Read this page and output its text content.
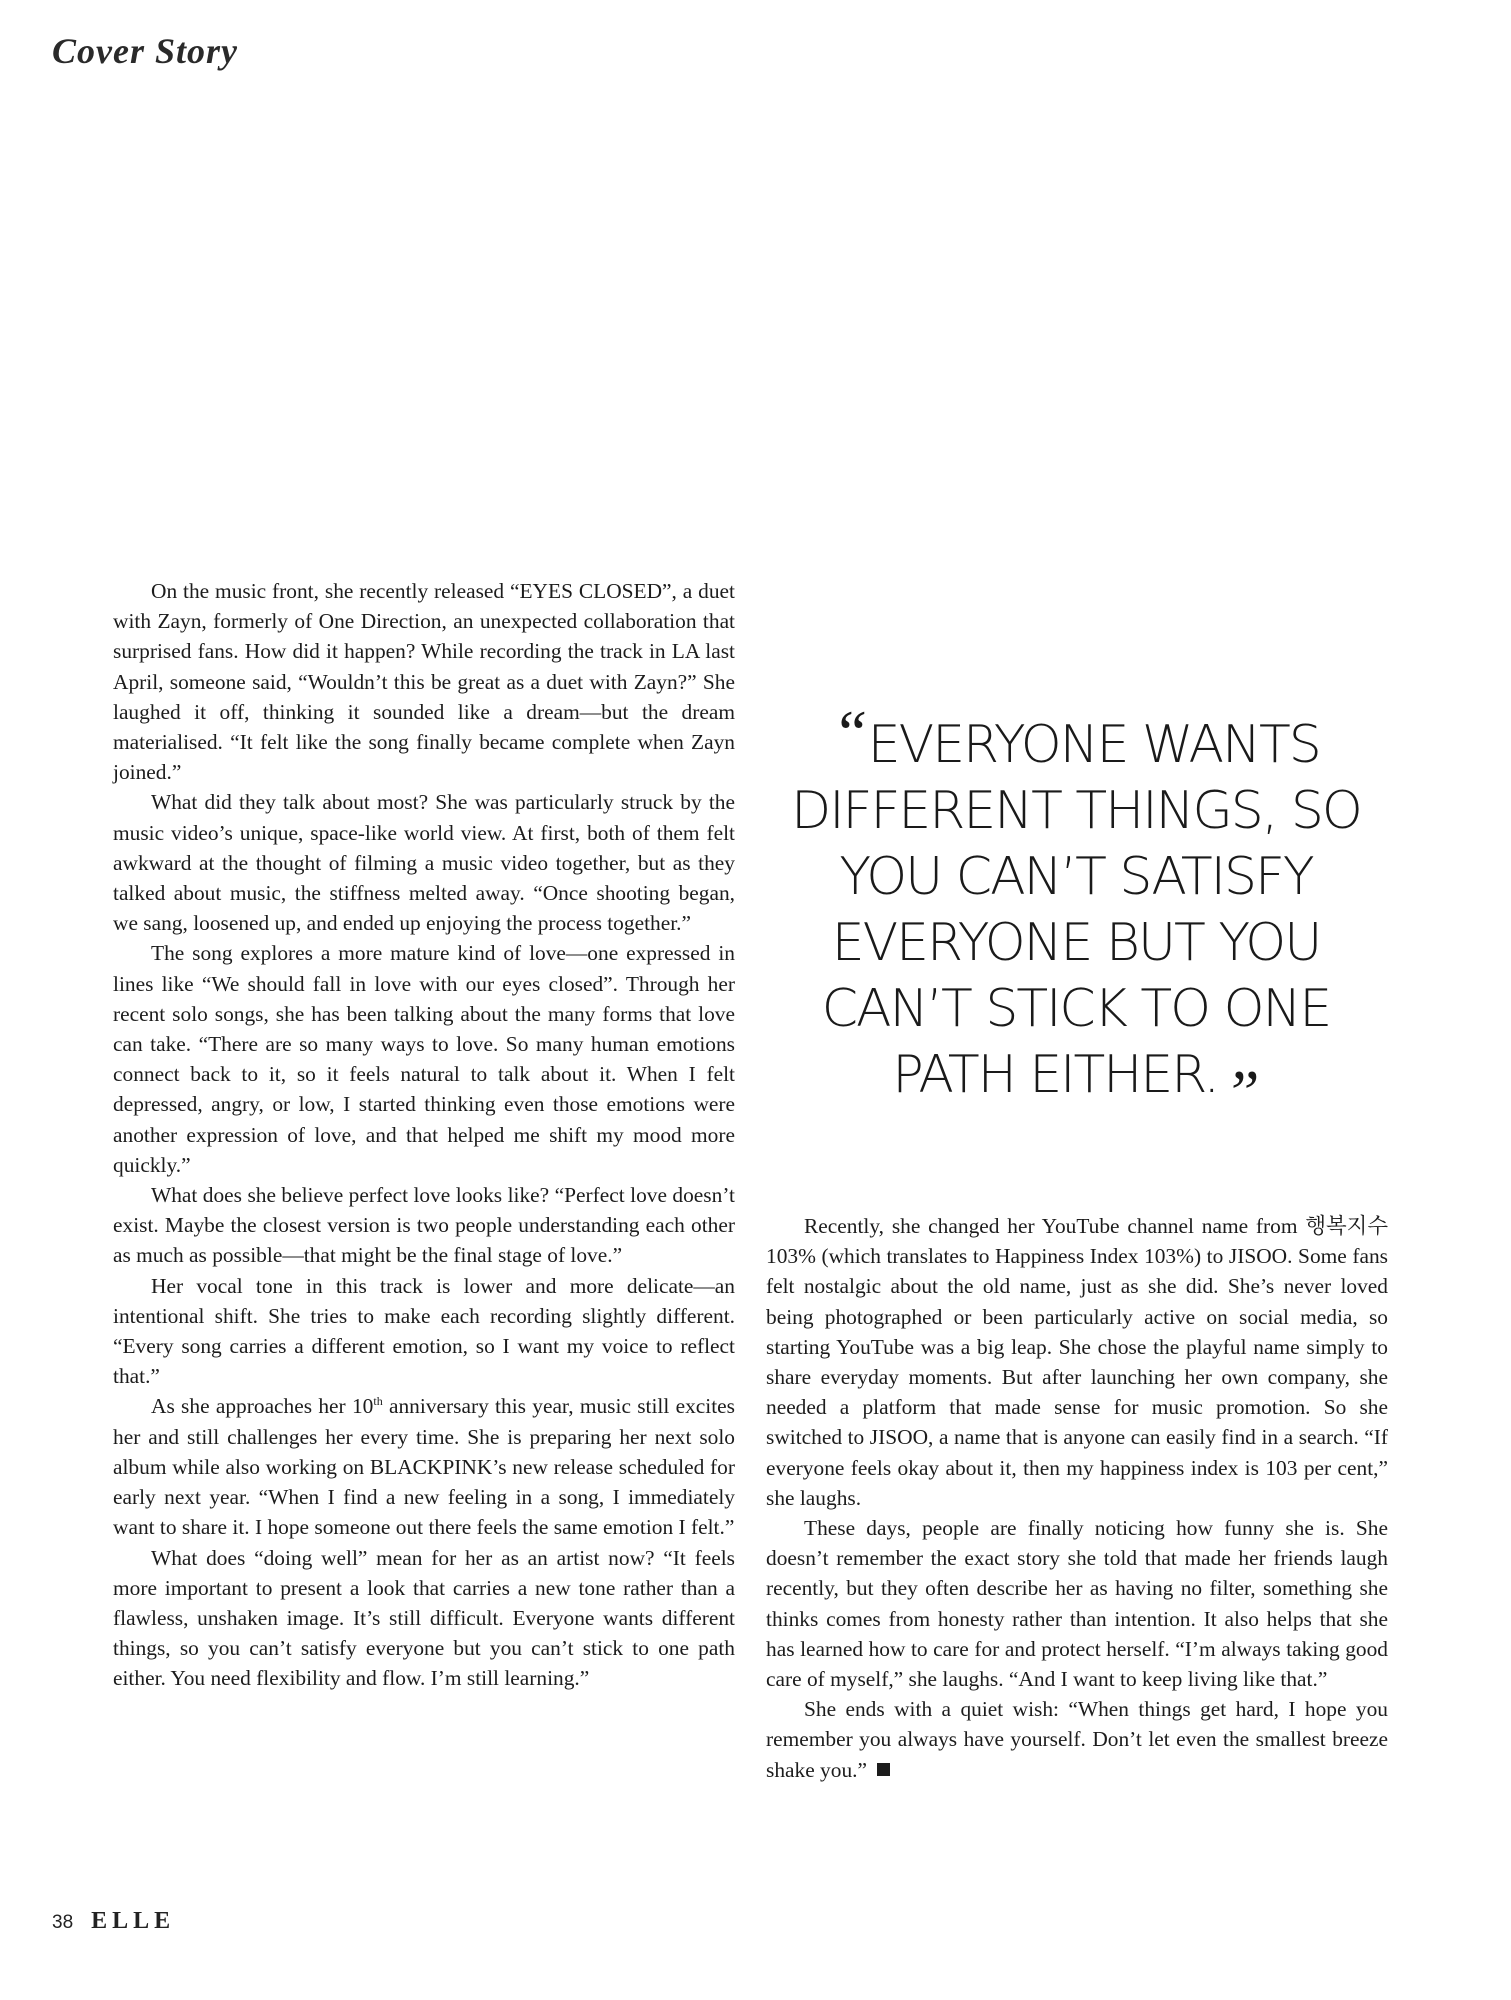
Cover Story

On the music front, she recently released “EYES CLOSED”, a duet with Zayn, formerly of One Direction, an unexpected collaboration that surprised fans. How did it happen? While recording the track in LA last April, someone said, “Wouldn’t this be great as a duet with Zayn?” She laughed it off, thinking it sounded like a dream—but the dream materialised. “It felt like the song finally became complete when Zayn joined.”

What did they talk about most? She was particularly struck by the music video’s unique, space-like world view. At first, both of them felt awkward at the thought of filming a music video together, but as they talked about music, the stiffness melted away. “Once shooting began, we sang, loosened up, and ended up enjoying the process together.”

The song explores a more mature kind of love—one expressed in lines like “We should fall in love with our eyes closed”. Through her recent solo songs, she has been talking about the many forms that love can take. “There are so many ways to love. So many human emotions connect back to it, so it feels natural to talk about it. When I felt depressed, angry, or low, I started thinking even those emotions were another expression of love, and that helped me shift my mood more quickly.”

What does she believe perfect love looks like? “Perfect love doesn’t exist. Maybe the closest version is two people understanding each other as much as possible—that might be the final stage of love.”

Her vocal tone in this track is lower and more delicate—an intentional shift. She tries to make each recording slightly different. “Every song carries a different emotion, so I want my voice to reflect that.”

As she approaches her 10th anniversary this year, music still excites her and still challenges her every time. She is preparing her next solo album while also working on BLACKPINK’s new release scheduled for early next year. “When I find a new feeling in a song, I immediately want to share it. I hope someone out there feels the same emotion I felt.”

What does “doing well” mean for her as an artist now? “It feels more important to present a look that carries a new tone rather than a flawless, unshaken image. It’s still difficult. Everyone wants different things, so you can’t satisfy everyone but you can’t stick to one path either. You need flexibility and flow. I’m still learning.”

“EVERYONE WANTS DIFFERENT THINGS, SO YOU CAN’T SATISFY EVERYONE BUT YOU CAN’T STICK TO ONE PATH EITHER.”

Recently, she changed her YouTube channel name from 행복지수 103% (which translates to Happiness Index 103%) to JISOO. Some fans felt nostalgic about the old name, just as she did. She’s never loved being photographed or been particularly active on social media, so starting YouTube was a big leap. She chose the playful name simply to share everyday moments. But after launching her own company, she needed a platform that made sense for music promotion. So she switched to JISOO, a name that is anyone can easily find in a search. “If everyone feels okay about it, then my happiness index is 103 per cent,” she laughs.

These days, people are finally noticing how funny she is. She doesn’t remember the exact story she told that made her friends laugh recently, but they often describe her as having no filter, something she thinks comes from honesty rather than intention. It also helps that she has learned how to care for and protect herself. “I’m always taking good care of myself,” she laughs. “And I want to keep living like that.”

She ends with a quiet wish: “When things get hard, I hope you remember you always have yourself. Don’t let even the smallest breeze shake you.”

38 ELLE
